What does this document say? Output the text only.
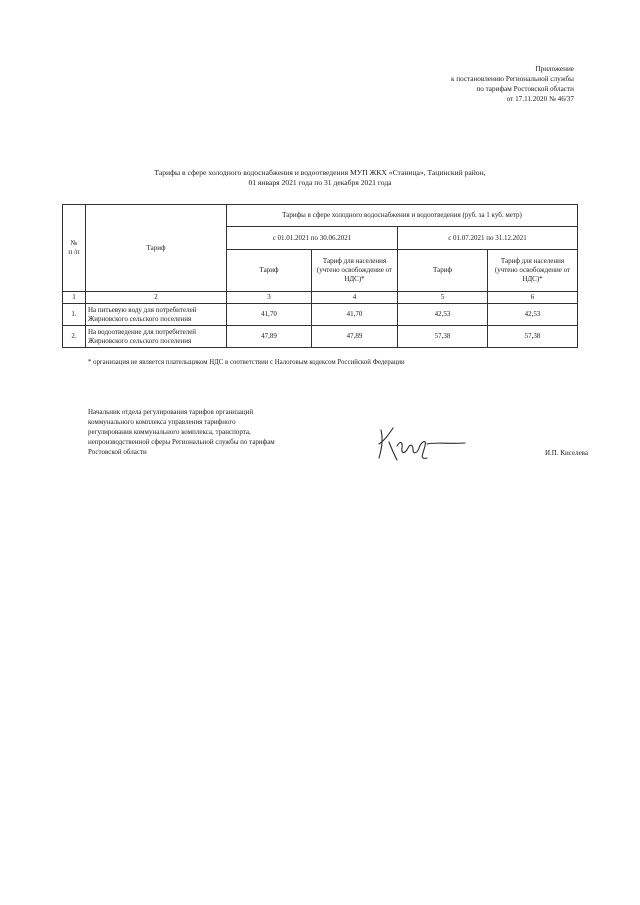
Приложение
к постановлению Региональной службы
по тарифам Ростовской области
от 17.11.2020 № 46/37
Тарифы в сфере холодного водоснабжения и водоотведения МУП ЖКХ «Станица», Тацинский район,
01 января 2021 года по 31 декабря 2021 года
№
п /п	Тариф	Тарифы в сфере холодного водоснабжения и водоотведения (руб. за 1 куб. метр)			
		с 01.01.2021 по 30.06.2021		с 01.07.2021 по 31.12.2021	
		Тариф	Тариф для населения (учтено освобождение от НДС)*	Тариф	Тариф для населения (учтено освобождение от НДС)*
1	2	3	4	5	6
1.	На питьевую воду для потребителей Жирновского сельского поселения	41,70	41,70	42,53	42,53
2.	На водоотведение для потребителей Жирновского сельского поселения	47,89	47,89	57,38	57,38
* организация не является плательщиком НДС в соответствии с Налоговым кодексом Российской Федерации
Начальник отдела регулирования тарифов организаций
коммунального комплекса управления тарифного
регулирования коммунального комплекса, транспорта,
непроизводственной сферы Региональной службы по тарифам
Ростовской области	И.П. Киселева
